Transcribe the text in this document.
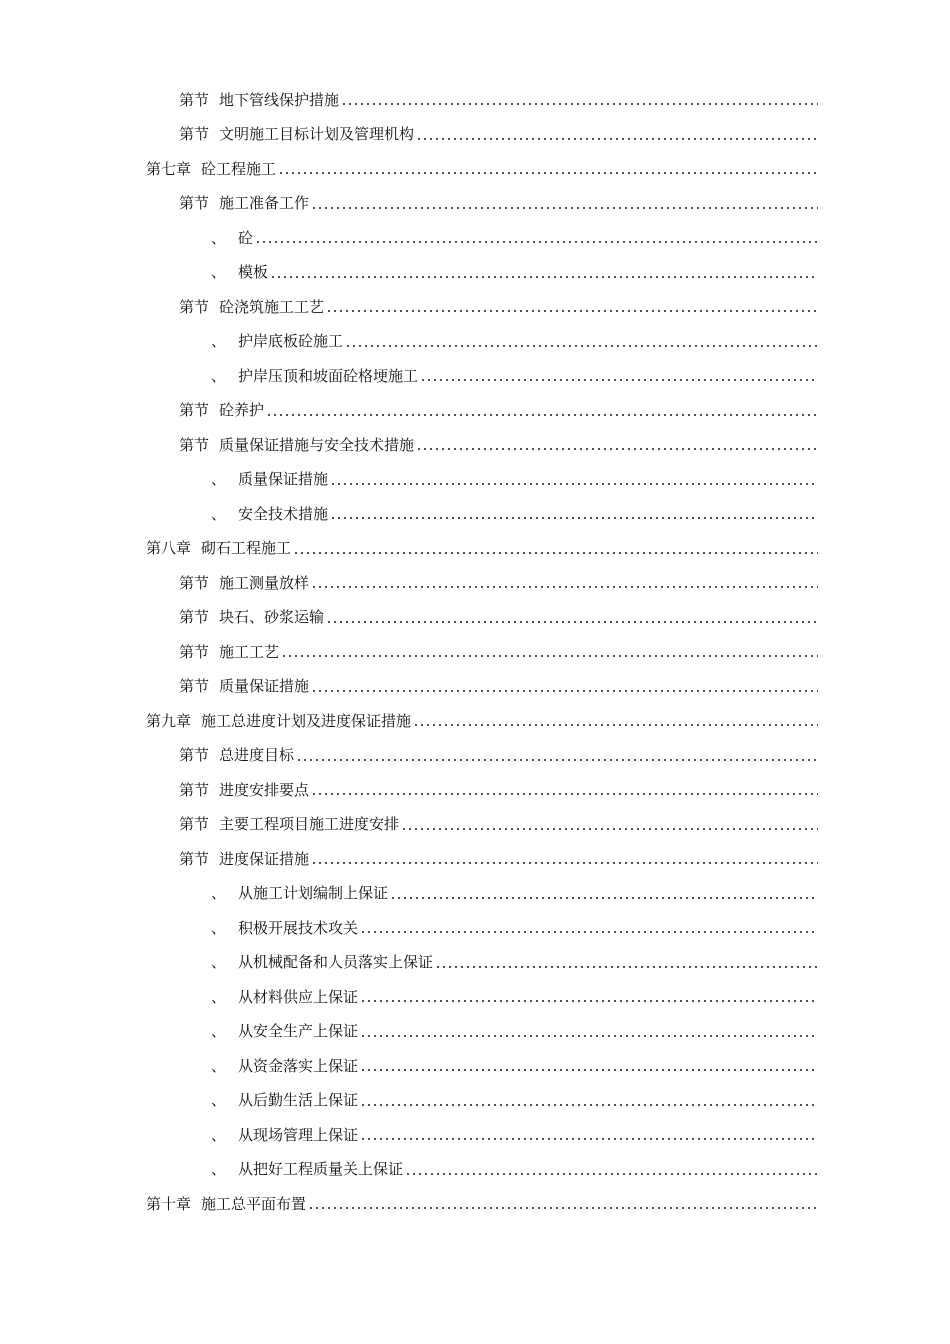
第节 地下管线保护措施
第节 文明施工目标计划及管理机构
第七章 砼工程施工
第节 施工准备工作
、 砼
、 模板
第节 砼浇筑施工工艺
、 护岸底板砼施工
、 护岸压顶和坡面砼格埂施工
第节 砼养护
第节 质量保证措施与安全技术措施
、 质量保证措施
、 安全技术措施
第八章 砌石工程施工
第节 施工测量放样
第节 块石、砂浆运输
第节 施工工艺
第节 质量保证措施
第九章 施工总进度计划及进度保证措施
第节 总进度目标
第节 进度安排要点
第节 主要工程项目施工进度安排
第节 进度保证措施
、 从施工计划编制上保证
、 积极开展技术攻关
、 从机械配备和人员落实上保证
、 从材料供应上保证
、 从安全生产上保证
、 从资金落实上保证
、 从后勤生活上保证
、 从现场管理上保证
、 从把好工程质量关上保证
第十章 施工总平面布置
